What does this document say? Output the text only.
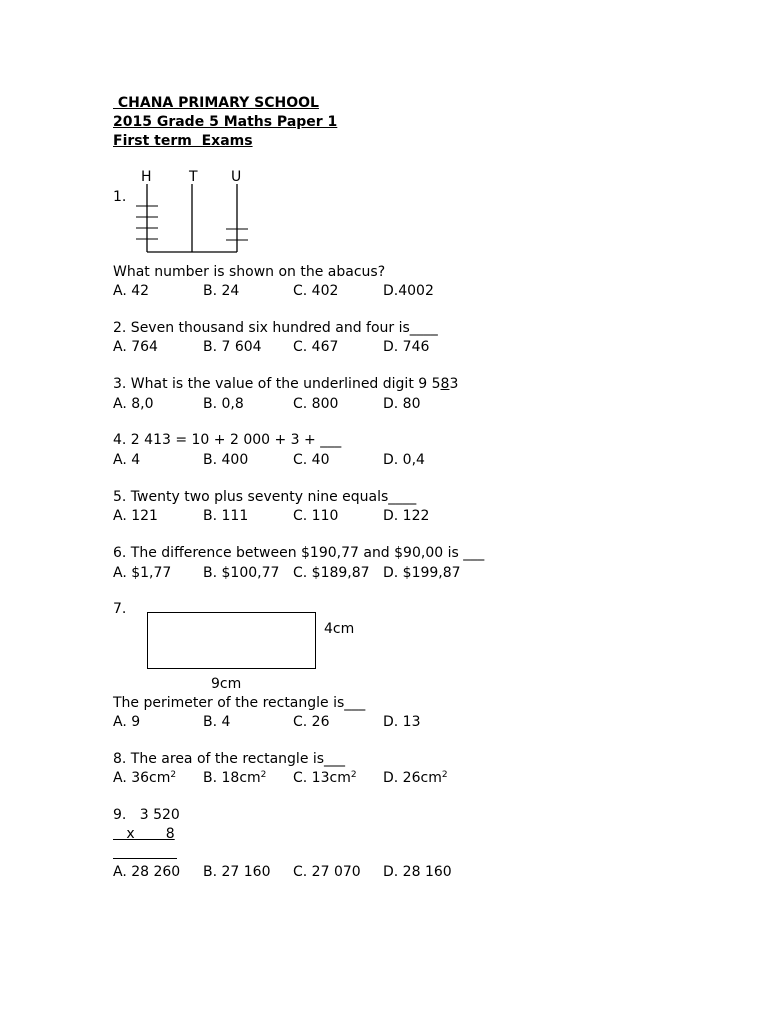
CHANA PRIMARY SCHOOL
2015 Grade 5 Maths Paper 1
First term  Exams
1.
H	T U
What number is shown on the abacus?
A. 42	B. 24	C. 402	D.4002
2. Seven thousand six hundred and four is____
A. 764	B. 7 604 C. 467	D. 746
3. What is the value of the underlined digit 9 583
A. 8,0	B. 0,8	C. 800	D. 80
4. 2 413 = 10 + 2 000 + 3 + ___
A. 4	B. 400	C. 40	D. 0,4
5. Twenty two plus seventy nine equals____
A. 121	B. 111	C. 110	D. 122
6. The difference between $190,77 and $90,00 is ___
A. $1,77 B. $100,77 C. $189,87 D. $199,87
7.
4cm
9cm
The perimeter of the rectangle is___
A. 9	B. 4	C. 26	D. 13
8. The area of the rectangle is___
A. $36cm^2$ B. $18cm^2$ C. $13cm^2$ D. $26cm^2$
9.   3 520
x       8
A. 28 260 B. 27 160 C. 27 070 D. 28 160
